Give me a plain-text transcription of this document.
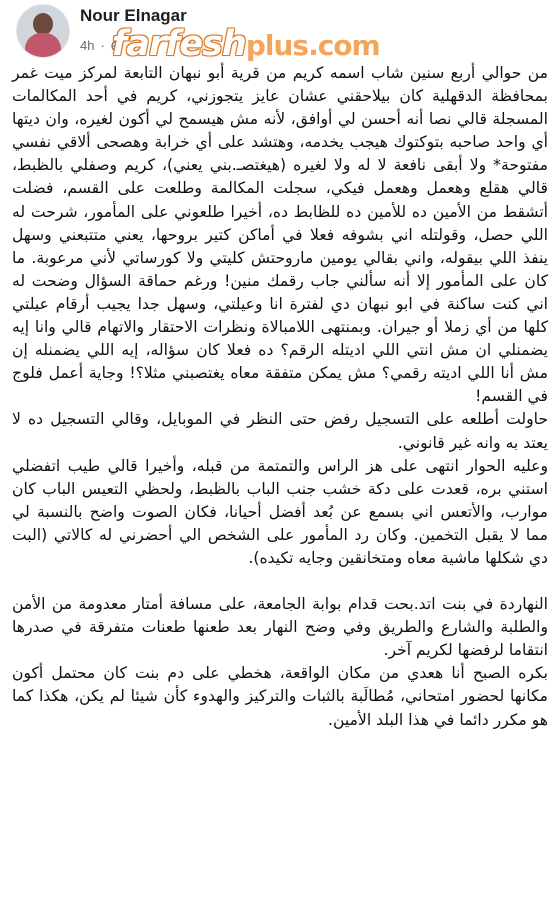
Nour Elnagar
4h · farfeshplus.com

من حوالي أربع سنين شاب اسمه كريم من قرية أبو نبهان التابعة لمركز ميت غمر بمحافظة الدقهلية كان بيلاحقني عشان عايز يتجوزني، كريم في أحد المكالمات المسجلة قالي نصا أنه أحسن لي أوافق، لأنه مش هيسمح لي أكون لغيره، وان ديتها أي واحد صاحبه بتوكتوك هيجب يخدمه، وهتشد على أي خرابة وهصحى ألاقي نفسي مفتوحة* ولا أبقى نافعة لا له ولا لغيره (هيغتصـ.بني يعني)، كريم وصفلي بالظبط، قالي هقلع وهعمل وهعمل فيكي، سجلت المكالمة وطلعت على القسم، فضلت أتشقط من الأمين ده للأمين ده للظابط ده، أخيرا طلعوني على المأمور، شرحت له اللي حصل، وقولتله اني بشوفه فعلا في أماكن كتير بروحها، يعني متتبعني وسهل ينفذ اللي بيقوله، واني بقالي يومين ماروحتش كليتي ولا كورساتي لأني مرعوبة. ما كان على المأمور إلا أنه سألني جاب رقمك منين! ورغم حماقة السؤال وضحت له اني كنت ساكنة في ابو نبهان دي لفترة انا وعيلتي، وسهل جدا يجيب أرقام عيلتي كلها من أي زملا أو جيران. وبمنتهى اللامبالاة ونظرات الاحتقار والاتهام قالي وانا إيه يضمنلي ان مش انتي اللي اديتله الرقم؟ ده فعلا كان سؤاله، إيه اللي يضمنله إن مش أنا اللي اديته رقمي؟ مش يمكن متفقة معاه يغتصبني مثلا؟! وجاية أعمل فلوج في القسم!

حاولت أطلعه على التسجيل رفض حتى النظر في الموبايل، وقالي التسجيل ده لا يعتد به وانه غير قانوني.

وعليه الحوار انتهى على هز الراس والتمتمة من قبله، وأخيرا قالي طيب اتفضلي استني بره، قعدت على دكة خشب جنب الباب بالظبط، ولحظي التعيس الباب كان موارب، والأتعس اني بسمع عن بُعد أفضل أحيانا، فكان الصوت واضح بالنسبة لي مما لا يقبل التخمين. وكان رد المأمور على الشخص الي أحضرني له كالاتي (البت دي شكلها ماشية معاه ومتخانقين وجايه تكيده).

النهاردة في بنت اتد.بحت قدام بوابة الجامعة، على مسافة أمتار معدومة من الأمن والطلبة والشارع والطريق وفي وضح النهار بعد طعنها طعنات متفرقة في صدرها انتقاما لرفضها لكريم آخر.

بكره الصبح أنا هعدي من مكان الواقعة، هخطي على دم بنت كان محتمل أكون مكانها لحضور امتحاني، مُطالَبة بالثبات والتركيز والهدوء كأن شيئا لم يكن، هكذا كما هو مكرر دائما في هذا البلد الأمين.
